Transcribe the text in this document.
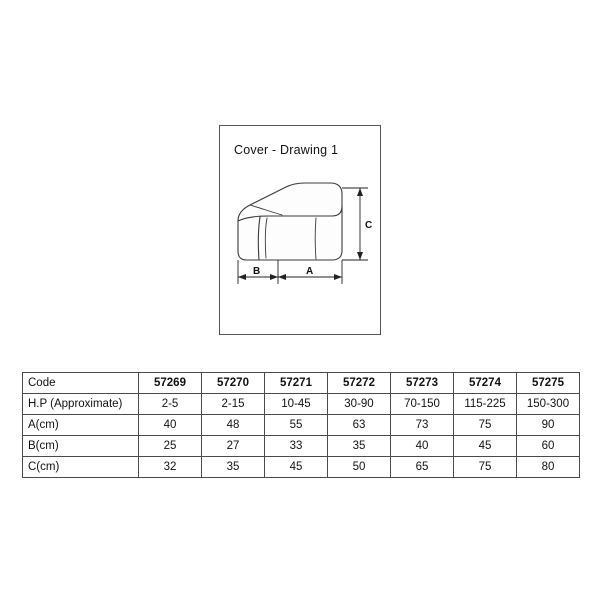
Cover - Drawing 1
C
A
B
Code	57269	57270	57271	57272	57273	57274	57275
H.P (Approximate)	2-5	2-15	10-45	30-90	70-150	115-225	150-300
A(cm)	40	48	55	63	73	75	90
B(cm)	25	27	33	35	40	45	60
C(cm)	32	35	45	50	65	75	80
